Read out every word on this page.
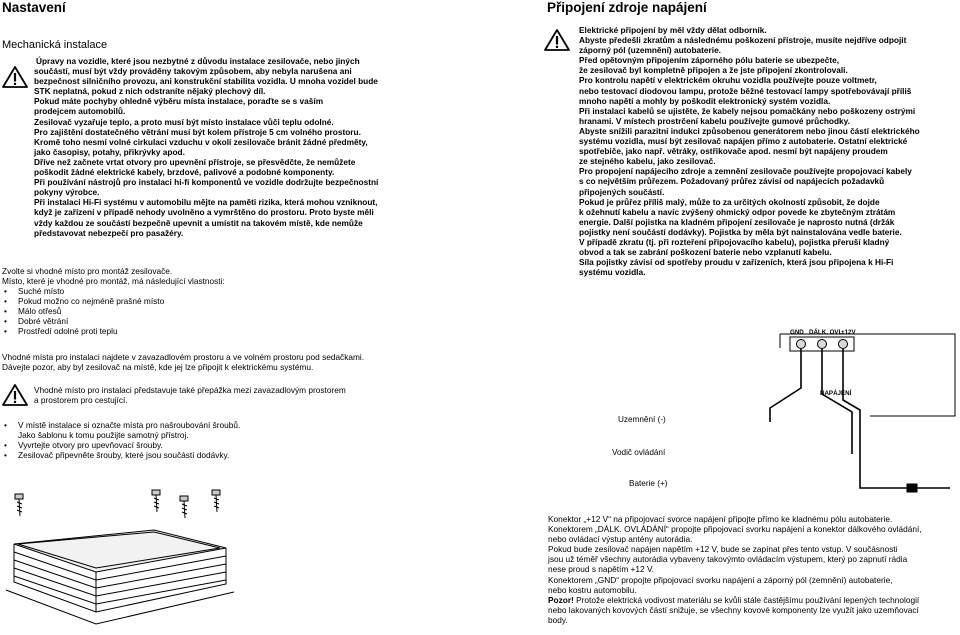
Nastavení
Mechanická instalace
Úpravy na vozidle, které jsou nezbytné z důvodu instalace zesilovače, nebo jiných
součástí, musí být vždy prováděny takovým způsobem, aby nebyla narušena ani
bezpečnost silničního provozu, ani konstrukční stabilita vozidla. U mnoha vozidel bude
STK neplatná, pokud z nich odstraníte nějaký plechový díl.
Pokud máte pochyby ohledně výběru místa instalace, poraďte se s vaším
prodejcem automobilů.
Zesilovač vyzařuje teplo, a proto musí být místo instalace vůči teplu odolné.
Pro zajištění dostatečného větrání musí být kolem přístroje 5 cm volného prostoru.
Kromě toho nesmí volné cirkulaci vzduchu v okolí zesilovače bránit žádné předměty,
jako časopisy, potahy, přikrývky apod.
Dříve než začnete vrtat otvory pro upevnění přístroje, se přesvědčte, že nemůžete
poškodit žádné elektrické kabely, brzdové, palivové a podobné komponenty.
Při používání nástrojů pro instalaci hi-fi komponentů ve vozidle dodržujte bezpečnostní
pokyny výrobce.
Při instalaci Hi-Fi systému v automobilu mějte na paměti rizika, která mohou vzniknout,
když je zařízení v případě nehody uvolněno a vymrštěno do prostoru. Proto byste měli
vždy každou ze součástí bezpečně upevnit a umístit na takovém místě, kde nemůže
představovat nebezpečí pro pasažéry.
Zvolte si vhodné místo pro montáž zesilovače.
Místo, které je vhodné pro montáž, má následující vlastnosti:
• Suché místo
• Pokud možno co nejméně prašné místo
• Málo otřesů
• Dobré větrání
• Prostředí odolné proti teplu
Vhodné místa pro instalaci najdete v zavazadlovém prostoru a ve volném prostoru pod sedačkami.
Dávejte pozor, aby byl zesilovač na místě, kde jej lze připojit k elektrickému systému.
Vhodné místo pro instalaci představuje také přepážka mezi zavazadlovým prostorem
a prostorem pro cestující.
• V místě instalace si označte místa pro našroubování šroubů.
Jako šablonu k tomu použijte samotný přístroj.
• Vyvrtejte otvory pro upevňovací šrouby.
• Zesilovač připevněte šrouby, které jsou součástí dodávky.
Připojení zdroje napájení
Elektrické připojení by měl vždy dělat odborník.
Abyste předešli zkratům a následnému poškození přístroje, musíte nejdříve odpojit
záporný pól (uzemnění) autobaterie.
Před opětovným připojením záporného pólu baterie se ubezpečte,
že zesilovač byl kompletně připojen a že jste připojení zkontrolovali.
Pro kontrolu napětí v elektrickém okruhu vozidla používejte pouze voltmetr,
nebo testovací diodovou lampu, protože běžné testovací lampy spotřebovávají příliš
mnoho napětí a mohly by poškodit elektronický systém vozidla.
Při instalaci kabelů se ujistěte, že kabely nejsou pomačkány nebo poškozeny ostrými
hranami. V místech prostrčení kabelu používejte gumové průchodky.
Abyste snížili parazitní indukci způsobenou generátorem nebo jinou částí elektrického
systému vozidla, musí být zesilovač napájen přímo z autobaterie. Ostatní elektrické
spotřebiče, jako např. větráky, ostřikovače apod. nesmí být napájeny proudem
ze stejného kabelu, jako zesilovač.
Pro propojení napájecího zdroje a zemnění zesilovače používejte propojovací kabely
s co největším průřezem. Požadovaný průřez závisí od napájecích požadavků
připojených součástí.
Pokud je průřez příliš malý, může to za určitých okolností způsobit, že dojde
k ožehnutí kabelu a navíc zvýšený ohmický odpor povede ke zbytečným ztrátám
energie. Další pojistka na kladném připojení zesilovače je naprosto nutná (držák
pojistky není součástí dodávky). Pojistka by měla být nainstalována vedle baterie.
V případě zkratu (tj. při rozteření připojovacího kabelu), pojistka přeruší kladný
obvod a tak se zabrání poškození baterie nebo vzplanutí kabelu.
Síla pojistky závisí od spotřeby proudu v zařízeních, která jsou připojena k Hi-Fi
systému vozidla.
GND DÁLK. OVL.
+12V
NAPÁJENÍ
Uzemnění (-)
Vodič ovládání
Baterie (+)
Konektor „+12 V“ na připojovací svorce napájení připojte přímo ke kladnému pólu autobaterie.
Konektorem „DÁLK. OVLÁDÁNÍ“ propojte připojovací svorku napájení a konektor dálkového ovládání,
nebo ovládací výstup antény autorádia.
Pokud bude zesilovač napájen napětím +12 V, bude se zapínat přes tento vstup. V součásnosti
jsou už téměř všechny autorádia vybaveny takovýmto ovládacím výstupem, který po zapnutí rádia
nese proud s napětím +12 V.
Konektorem „GND“ propojte připojovací svorku napájení a záporný pól (zemnění) autobaterie,
nebo kostru automobilu.
Pozor! Protože elektrická vodivost materiálu se kvůli stále častějšímu používání lepených technologií
nebo lakovaných kovových částí snižuje, se všechny kovové komponenty lze využít jako uzemňovací
body.
